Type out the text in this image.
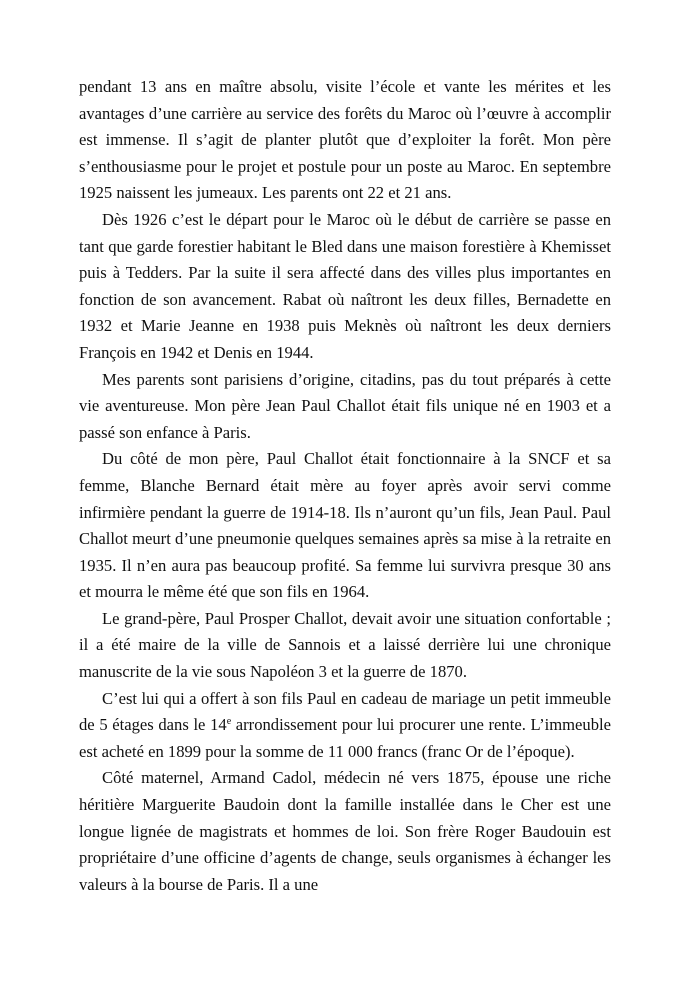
pendant 13 ans en maître absolu, visite l’école et vante les mérites et les avantages d’une carrière au service des forêts du Maroc où l’œuvre à accomplir est immense. Il s’agit de planter plutôt que d’exploiter la forêt. Mon père s’enthousiasme pour le projet et postule pour un poste au Maroc. En septembre 1925 naissent les jumeaux. Les parents ont 22 et 21 ans.

Dès 1926 c’est le départ pour le Maroc où le début de carrière se passe en tant que garde forestier habitant le Bled dans une maison forestière à Khemisset puis à Tedders. Par la suite il sera affecté dans des villes plus importantes en fonction de son avancement. Rabat où naîtront les deux filles, Bernadette en 1932 et Marie Jeanne en 1938 puis Meknès où naîtront les deux derniers François en 1942 et Denis en 1944.

Mes parents sont parisiens d’origine, citadins, pas du tout préparés à cette vie aventureuse. Mon père Jean Paul Challot était fils unique né en 1903 et a passé son enfance à Paris.

Du côté de mon père, Paul Challot était fonctionnaire à la SNCF et sa femme, Blanche Bernard était mère au foyer après avoir servi comme infirmière pendant la guerre de 1914-18. Ils n’auront qu’un fils, Jean Paul. Paul Challot meurt d’une pneumonie quelques semaines après sa mise à la retraite en 1935. Il n’en aura pas beaucoup profité. Sa femme lui survivra presque 30 ans et mourra le même été que son fils en 1964.

Le grand-père, Paul Prosper Challot, devait avoir une situation confortable ; il a été maire de la ville de Sannois et a laissé derrière lui une chronique manuscrite de la vie sous Napoléon 3 et la guerre de 1870.

C’est lui qui a offert à son fils Paul en cadeau de mariage un petit immeuble de 5 étages dans le 14e arrondissement pour lui procurer une rente. L’immeuble est acheté en 1899 pour la somme de 11 000 francs (franc Or de l’époque).

Côté maternel, Armand Cadol, médecin né vers 1875, épouse une riche héritière Marguerite Baudoin dont la famille installée dans le Cher est une longue lignée de magistrats et hommes de loi. Son frère Roger Baudouin est propriétaire d’une officine d’agents de change, seuls organismes à échanger les valeurs à la bourse de Paris. Il a une
